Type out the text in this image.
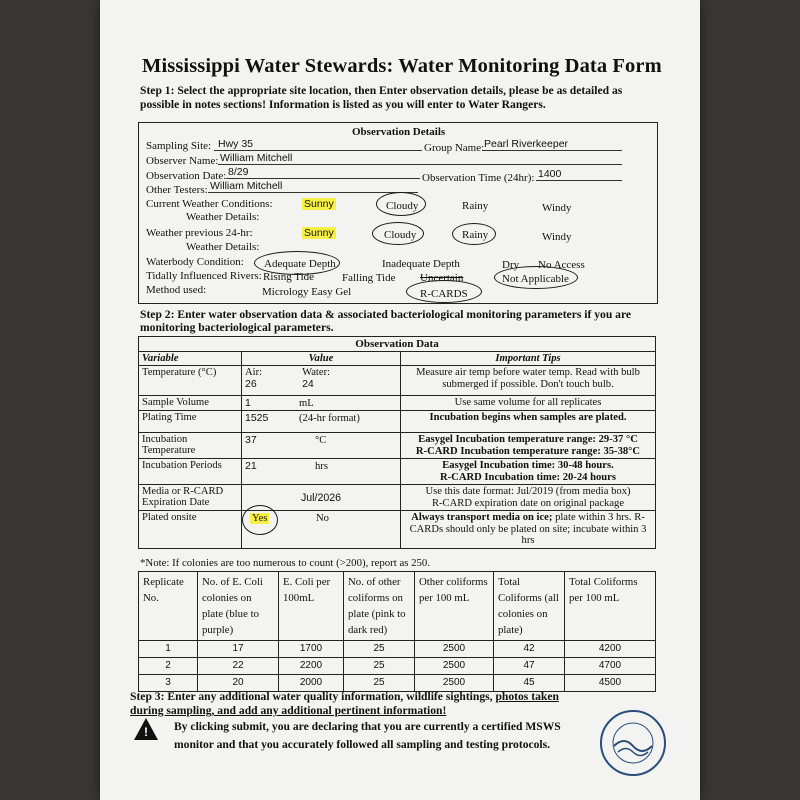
Mississippi Water Stewards: Water Monitoring Data Form
Step 1: Select the appropriate site location, then Enter observation details, please be as detailed as
possible in notes sections! Information is listed as you will enter to Water Rangers.
Observation Details
Sampling Site: Hwy 35	Group Name: Pearl Riverkeeper
Observer Name: William Mitchell
Observation Date: 8/29	Observation Time (24hr): 1400
Other Testers: William Mitchell
Current Weather Conditions:	Sunny	Cloudy	Rainy	Windy
Weather Details:
Weather previous 24-hr:	Sunny	Cloudy	Rainy	Windy
Weather Details:
Waterbody Condition: Adequate Depth	Inadequate Depth	Dry No Access
Tidally Influenced Rivers: Rising Tide	Falling Tide Uncertain	Not Applicable
Method used:	Micrology Easy Gel	R-CARDS
Step 2: Enter water observation data & associated bacteriological monitoring parameters if you are
monitoring bacteriological parameters.
Observation Data		
Variable	Value	Important Tips
Temperature (°C)	Air:
26
Water:
24	Measure air temp before water temp. Read with bulb submerged if possible. Don't touch bulb.
Sample Volume	1 mL	Use same volume for all replicates
Plating Time	1525 (24-hr format)	Incubation begins when samples are plated.
Incubation Temperature	37 °C	Easygel Incubation temperature range: 29-37 °C
R-CARD Incubation temperature range: 35-38°C

Incubation Periods	21 hrs	Easygel Incubation time: 30-48 hours.
R-CARD Incubation time: 20-24 hours

Media or R-CARD Expiration Date	Jul/2026	Use this date format: Jul/2019 (from media box)
R-CARD expiration date on original package

Plated onsite	Yes No	Always transport media on ice; plate within 3 hrs. R-CARDs should only be plated on site; incubate within 3 hrs
*Note: If colonies are too numerous to count (>200), report as 250.
Replicate No.	No. of E. Coli colonies on plate (blue to purple)	E. Coli per 100mL	No. of other coliforms on plate (pink to dark red)	Other coliforms per 100 mL	Total Coliforms (all colonies on plate)	Total Coliforms per 100 mL
1	17	1700	25	2500	42	4200
2	22	2200	25	2500	47	4700
3	20	2000	25	2500	45	4500
Step 3: Enter any additional water quality information, wildlife sightings, photos taken
during sampling, and add any additional pertinent information!
! By clicking submit, you are declaring that you are currently a certified MSWS
monitor and that you accurately followed all sampling and testing protocols.
